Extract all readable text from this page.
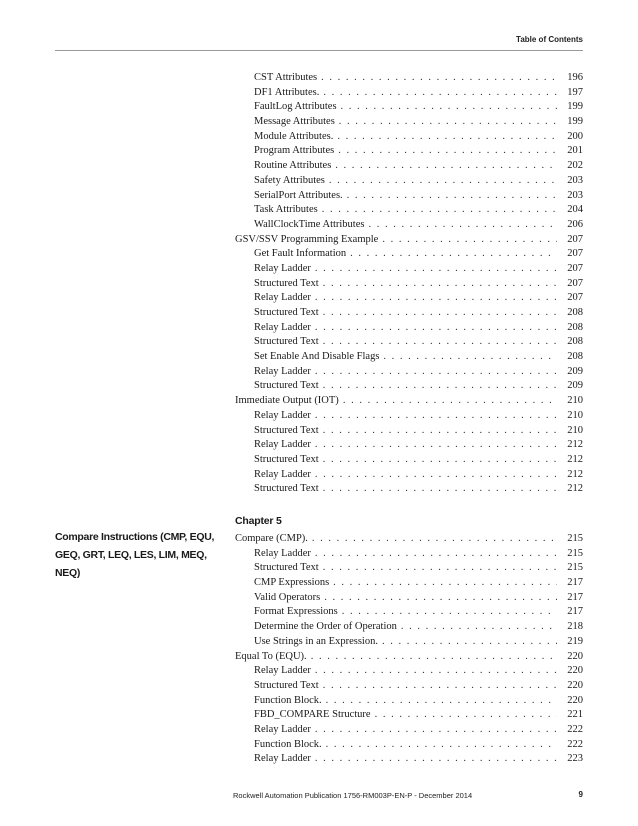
Table of Contents
CST Attributes . . .	196
DF1 Attributes. . . .	197
FaultLog Attributes . . .	199
Message Attributes . . .	199
Module Attributes. . . .	200
Program Attributes . . .	201
Routine Attributes . . .	202
Safety Attributes . . .	203
SerialPort Attributes. . . .	203
Task Attributes . . .	204
WallClockTime Attributes . . .	206
GSV/SSV Programming Example . . .	207
Get Fault Information . . .	207
Relay Ladder . . .	207
Structured Text . . .	207
Relay Ladder . . .	207
Structured Text . . .	208
Relay Ladder . . .	208
Structured Text . . .	208
Set Enable And Disable Flags . . .	208
Relay Ladder . . .	209
Structured Text . . .	209
Immediate Output (IOT) . . .	210
Relay Ladder . . .	210
Structured Text . . .	210
Relay Ladder . . .	212
Structured Text . . .	212
Relay Ladder . . .	212
Structured Text . . .	212
Compare Instructions (CMP, EQU, GEQ, GRT, LEQ, LES, LIM, MEQ, NEQ)
Chapter 5
Compare (CMP). . . .	215
Relay Ladder . . .	215
Structured Text . . .	215
CMP Expressions . . .	217
Valid Operators . . .	217
Format Expressions . . .	217
Determine the Order of Operation . . .	218
Use Strings in an Expression. . . .	219
Equal To (EQU). . . .	220
Relay Ladder . . .	220
Structured Text . . .	220
Function Block. . . .	220
FBD_COMPARE Structure . . .	221
Relay Ladder . . .	222
Function Block. . . .	222
Relay Ladder . . .	223
Rockwell Automation Publication 1756-RM003P-EN-P - December 2014	9
